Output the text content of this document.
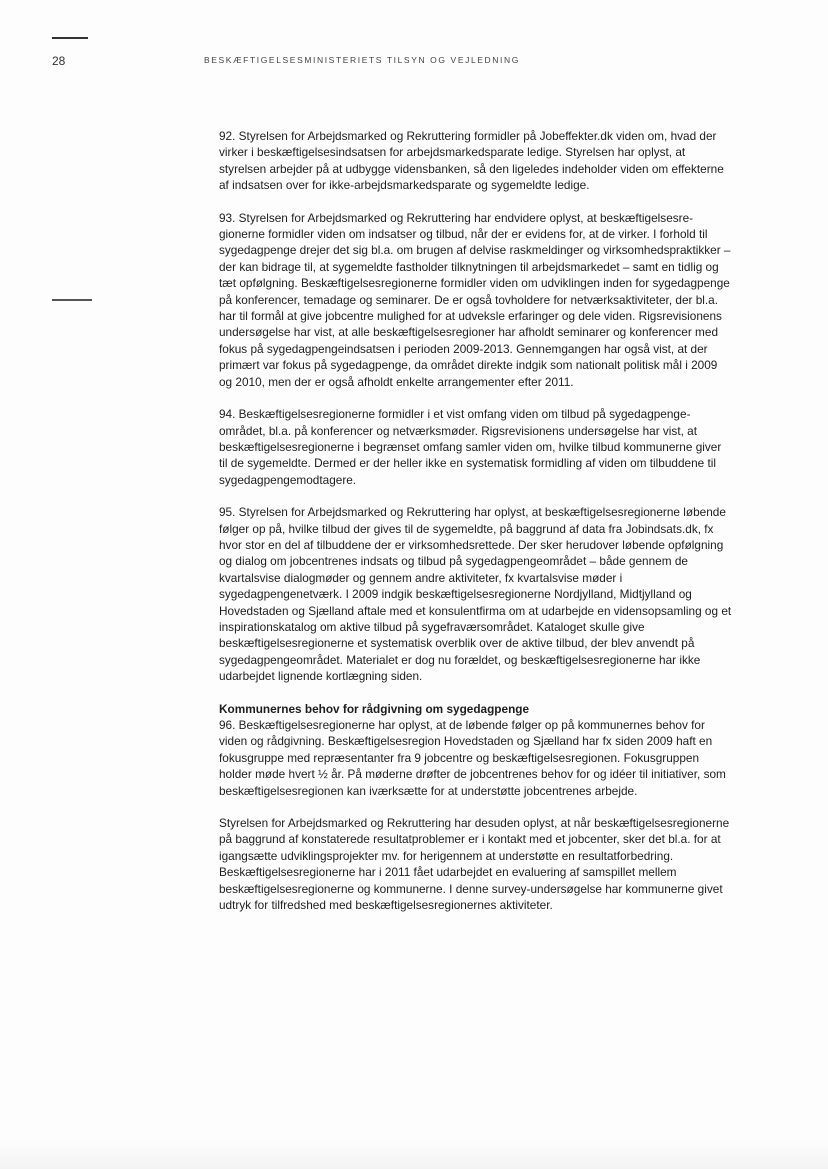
28	BESKÆFTIGELSESMINISTERIETS TILSYN OG VEJLEDNING

92. Styrelsen for Arbejdsmarked og Rekruttering formidler på Jobeffekter.dk viden om, hvad der virker i beskæftigelsesindsatsen for arbejdsmarkedsparate ledige. Styrelsen har oplyst, at styrelsen arbejder på at udbygge vidensbanken, så den ligeledes indeholder viden om effekterne af indsatsen over for ikke-arbejdsmarkedsparate og sygemeldte ledige.

93. Styrelsen for Arbejdsmarked og Rekruttering har endvidere oplyst, at beskæftigelsesregionerne formidler viden om indsatser og tilbud, når der er evidens for, at de virker. I forhold til sygedagpenge drejer det sig bl.a. om brugen af delvise raskmeldinger og virksomhedspraktikker – der kan bidrage til, at sygemeldte fastholder tilknytningen til arbejdsmarkedet – samt en tidlig og tæt opfølgning. Beskæftigelsesregionerne formidler viden om udviklingen inden for sygedagpenge på konferencer, temadage og seminarer. De er også tovholdere for netværksaktiviteter, der bl.a. har til formål at give jobcentre mulighed for at udveksle erfaringer og dele viden. Rigsrevisionens undersøgelse har vist, at alle beskæftigelsesregioner har afholdt seminarer og konferencer med fokus på sygedagpengeindsatsen i perioden 2009-2013. Gennemgangen har også vist, at der primært var fokus på sygedagpenge, da området direkte indgik som nationalt politisk mål i 2009 og 2010, men der er også afholdt enkelte arrangementer efter 2011.

94. Beskæftigelsesregionerne formidler i et vist omfang viden om tilbud på sygedagpengeområdet, bl.a. på konferencer og netværksmøder. Rigsrevisionens undersøgelse har vist, at beskæftigelsesregionerne i begrænset omfang samler viden om, hvilke tilbud kommunerne giver til de sygemeldte. Dermed er der heller ikke en systematisk formidling af viden om tilbuddene til sygedagpengemodtagere.

95. Styrelsen for Arbejdsmarked og Rekruttering har oplyst, at beskæftigelsesregionerne løbende følger op på, hvilke tilbud der gives til de sygemeldte, på baggrund af data fra Jobindsats.dk, fx hvor stor en del af tilbuddene der er virksomhedsrettede. Der sker herudover løbende opfølgning og dialog om jobcentrenes indsats og tilbud på sygedagpengeområdet – både gennem de kvartalsvise dialogmøder og gennem andre aktiviteter, fx kvartalsvise møder i sygedagpengenetværk. I 2009 indgik beskæftigelsesregionerne Nordjylland, Midtjylland og Hovedstaden og Sjælland aftale med et konsulentfirma om at udarbejde en vidensopsamling og et inspirationskatalog om aktive tilbud på sygefraværsområdet. Kataloget skulle give beskæftigelsesregionerne et systematisk overblik over de aktive tilbud, der blev anvendt på sygedagpengeområdet. Materialet er dog nu forældet, og beskæftigelsesregionerne har ikke udarbejdet lignende kortlægning siden.

Kommunernes behov for rådgivning om sygedagpenge

96. Beskæftigelsesregionerne har oplyst, at de løbende følger op på kommunernes behov for viden og rådgivning. Beskæftigelsesregion Hovedstaden og Sjælland har fx siden 2009 haft en fokusgruppe med repræsentanter fra 9 jobcentre og beskæftigelsesregionen. Fokusgruppen holder møde hvert ½ år. På møderne drøfter de jobcentrenes behov for og idéer til initiativer, som beskæftigelsesregionen kan iværksætte for at understøtte jobcentrenes arbejde.

Styrelsen for Arbejdsmarked og Rekruttering har desuden oplyst, at når beskæftigelsesregionerne på baggrund af konstaterede resultatproblemer er i kontakt med et jobcenter, sker det bl.a. for at igangsætte udviklingsprojekter mv. for herigennem at understøtte en resultatforbedring. Beskæftigelsesregionerne har i 2011 fået udarbejdet en evaluering af samspillet mellem beskæftigelsesregionerne og kommunerne. I denne survey-undersøgelse har kommunerne givet udtryk for tilfredshed med beskæftigelsesregionernes aktiviteter.
